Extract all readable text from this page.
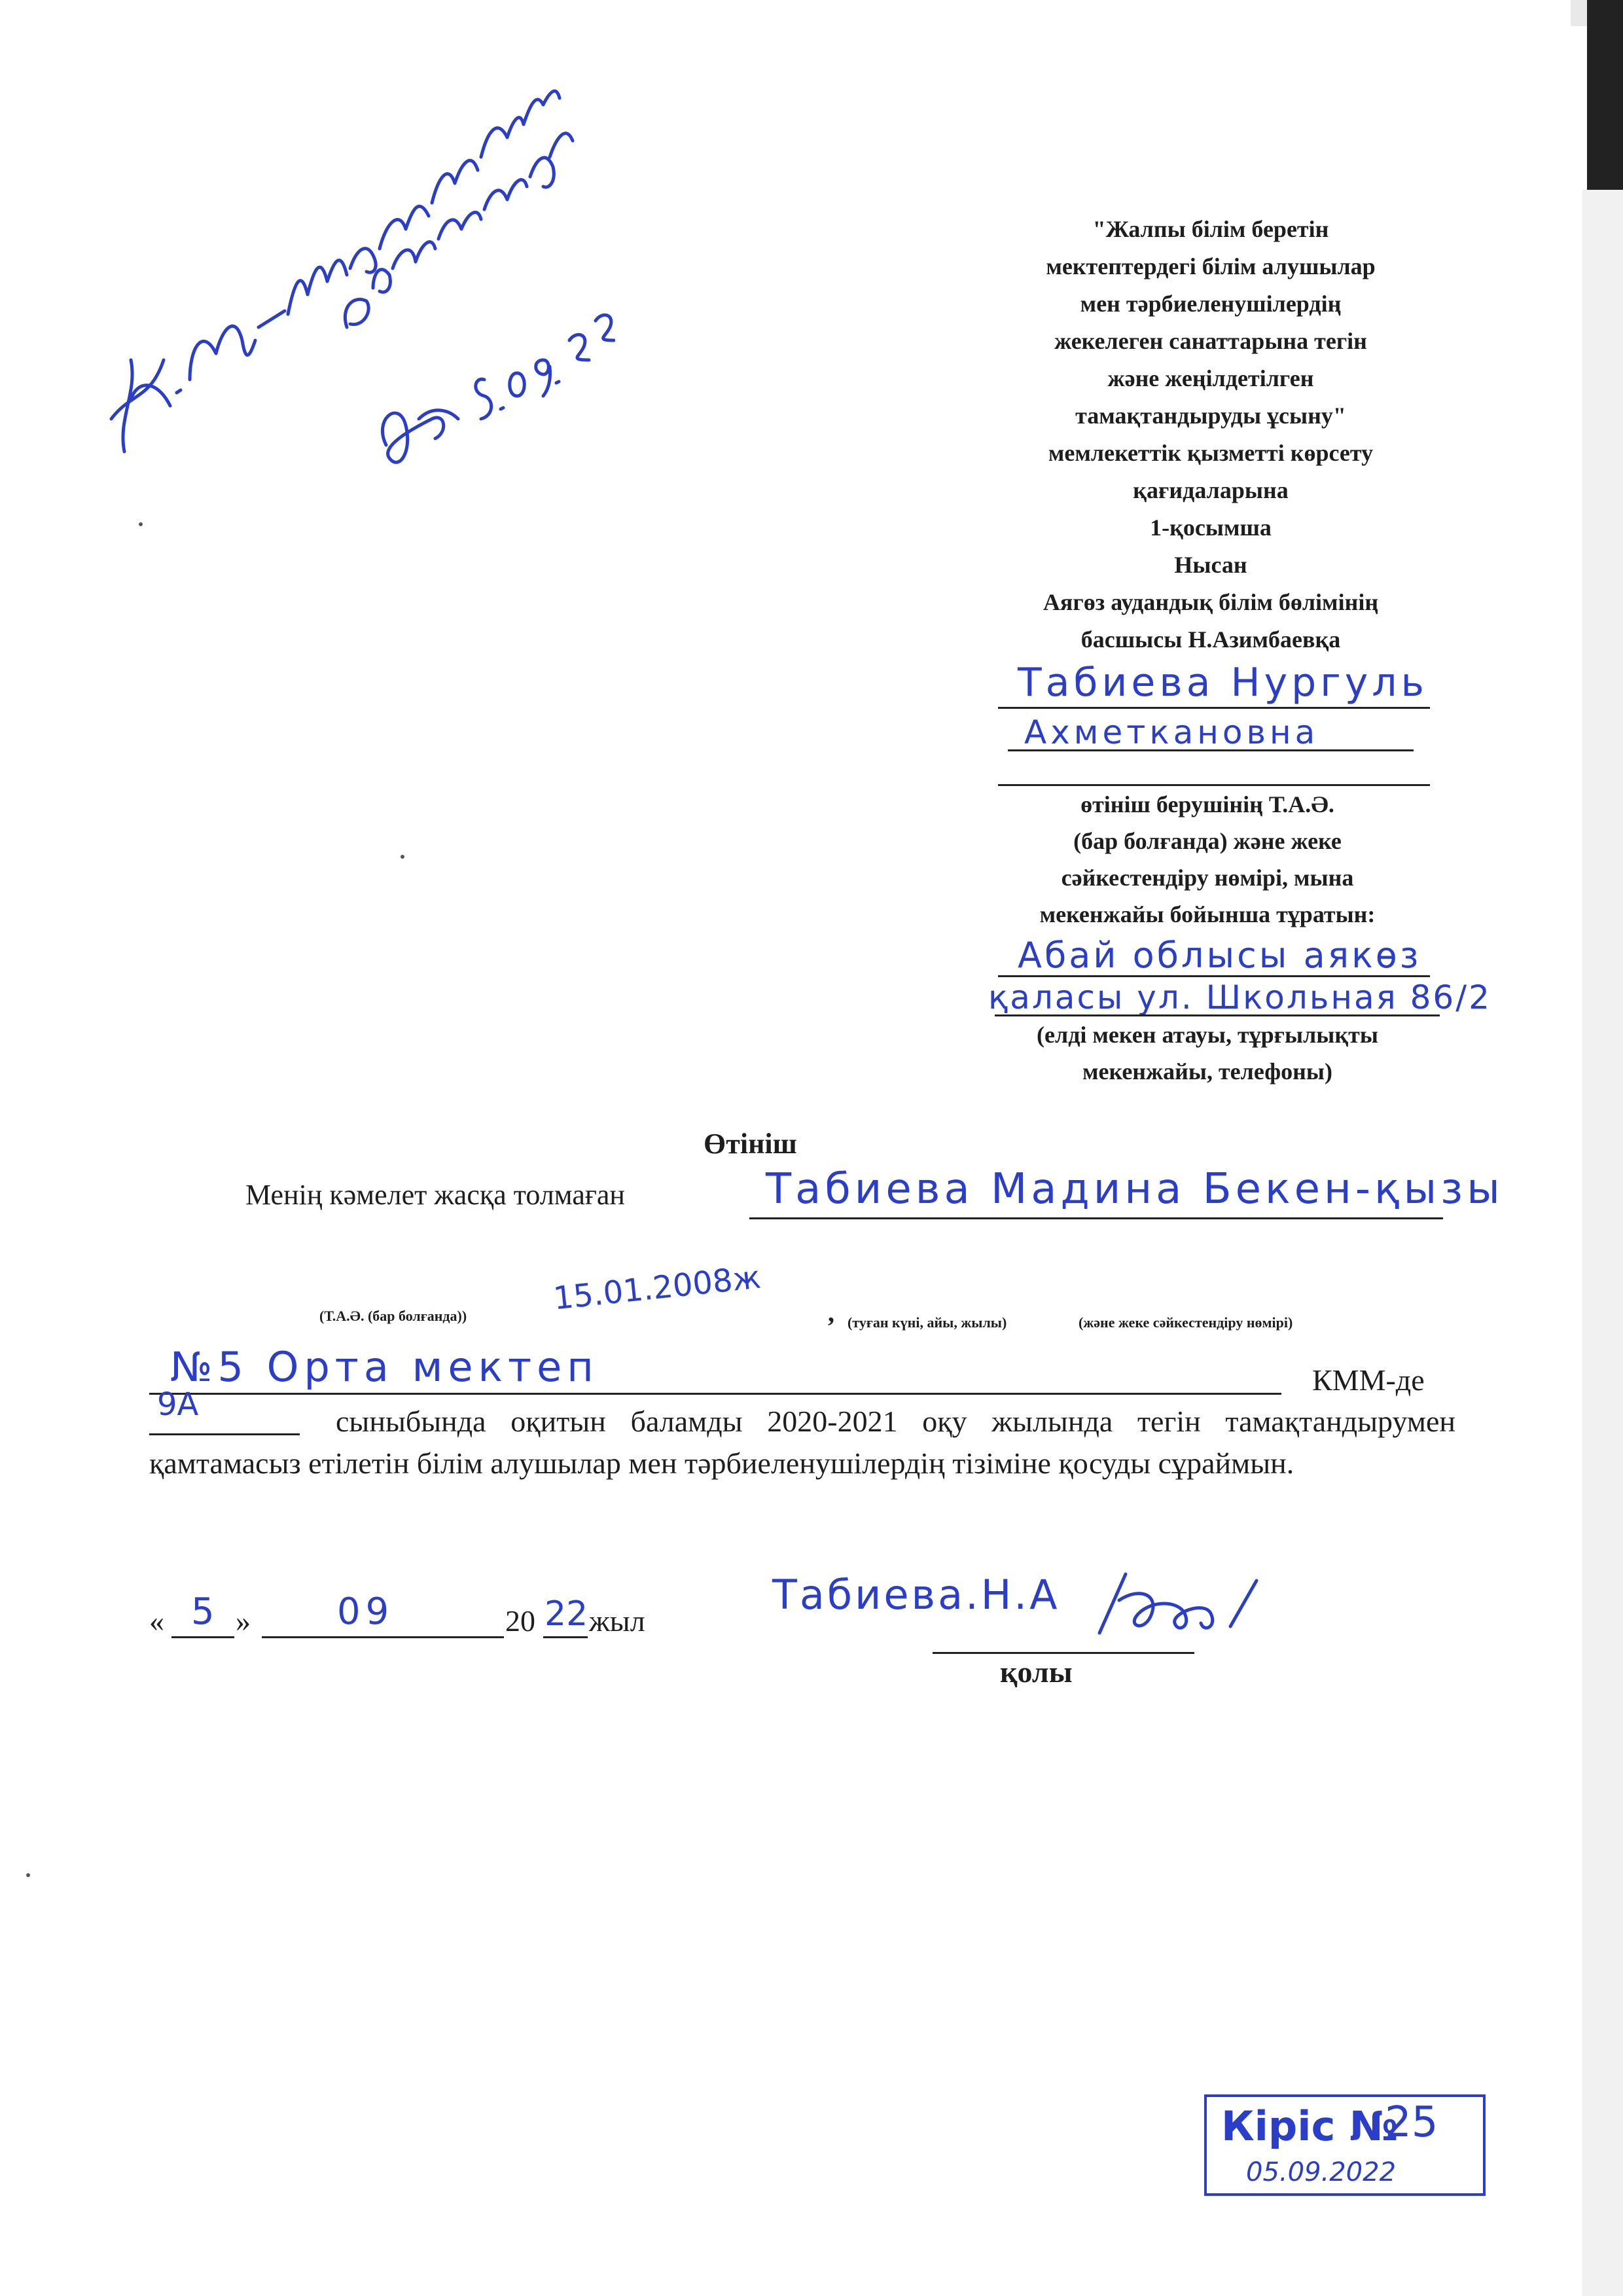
"Жалпы білім беретін
мектептердегі білім алушылар
мен тәрбиеленушілердің
жекелеген санаттарына тегін
және жеңілдетілген
тамақтандыруды ұсыну"
мемлекеттік қызметті көрсету
қағидаларына
1-қосымша
Нысан
Аягөз аудандық білім бөлімінің
басшысы Н.Азимбаевқа
Табиева Нургуль
Ахметкановна
өтініш берушінің Т.А.Ә.
(бар болғанда) және жеке
сәйкестендіру нөмірі, мына
мекенжайы бойынша тұратын:
Абай облысы аякөз
қаласы ул. Школьная 86/2
(елді мекен атауы, тұрғылықты
мекенжайы, телефоны)
Өтініш
Менің кәмелет жасқа толмаған	Табиева Мадина Бекен-қызы
(Т.А.Ә. (бар болғанда))	15.01.2008ж , (туған күні, айы, жылы)	(және жеке сәйкестендіру нөмірі)
№5 Орта мектеп	КММ-де
9А	сыныбында оқитын баламды 2020-2021 оқу жылында тегін тамақтандырумен қамтамасыз етілетін білім алушылар мен тәрбиеленушілердің тізіміне қосуды сұраймын.
« 5 » 09	20 22 жыл
Табиева.Н.А
қолы
Кіріс №
25
05.09.2022
